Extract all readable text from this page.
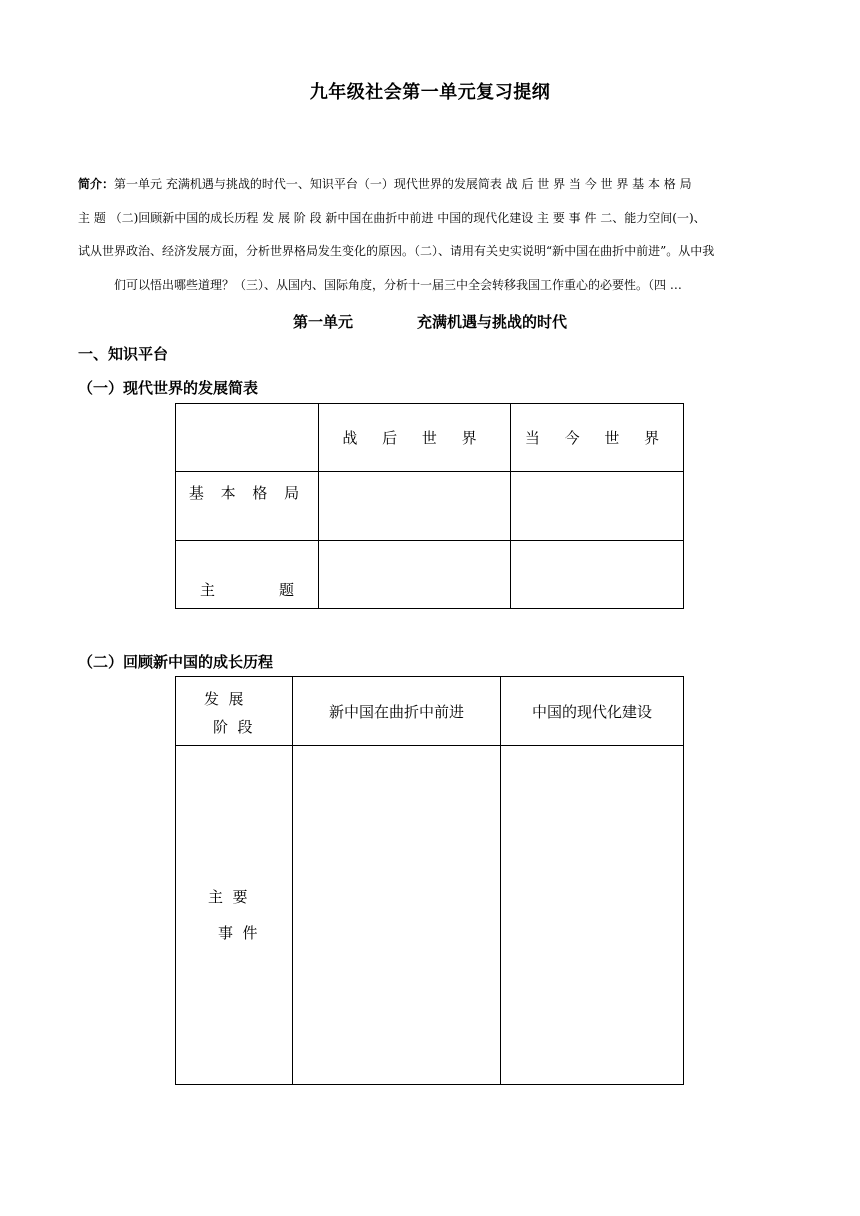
九年级社会第一单元复习提纲
简介：第一单元 充满机遇与挑战的时代一、知识平台（一）现代世界的发展简表 战 后 世 界 当 今 世 界 基 本 格 局
主 题 （二)回顾新中国的成长历程 发 展 阶 段 新中国在曲折中前进 中国的现代化建设 主 要 事 件 二、能力空间(一)、
试从世界政治、经济发展方面，分析世界格局发生变化的原因。（二）、请用有关史实说明“新中国在曲折中前进”。从中我
们可以悟出哪些道理？（三）、从国内、国际角度，分析十一届三中全会转移我国工作重心的必要性。（四 …
第一单元	充满机遇与挑战的时代
一、知识平台
（一）现代世界的发展简表
	战 后 世 界	当 今 世 界
基 本 格 局		

主 题		

（二）回顾新中国的成长历程
发  展
阶  段	新中国在曲折中前进	中国的现代化建设

主  要
事  件		
